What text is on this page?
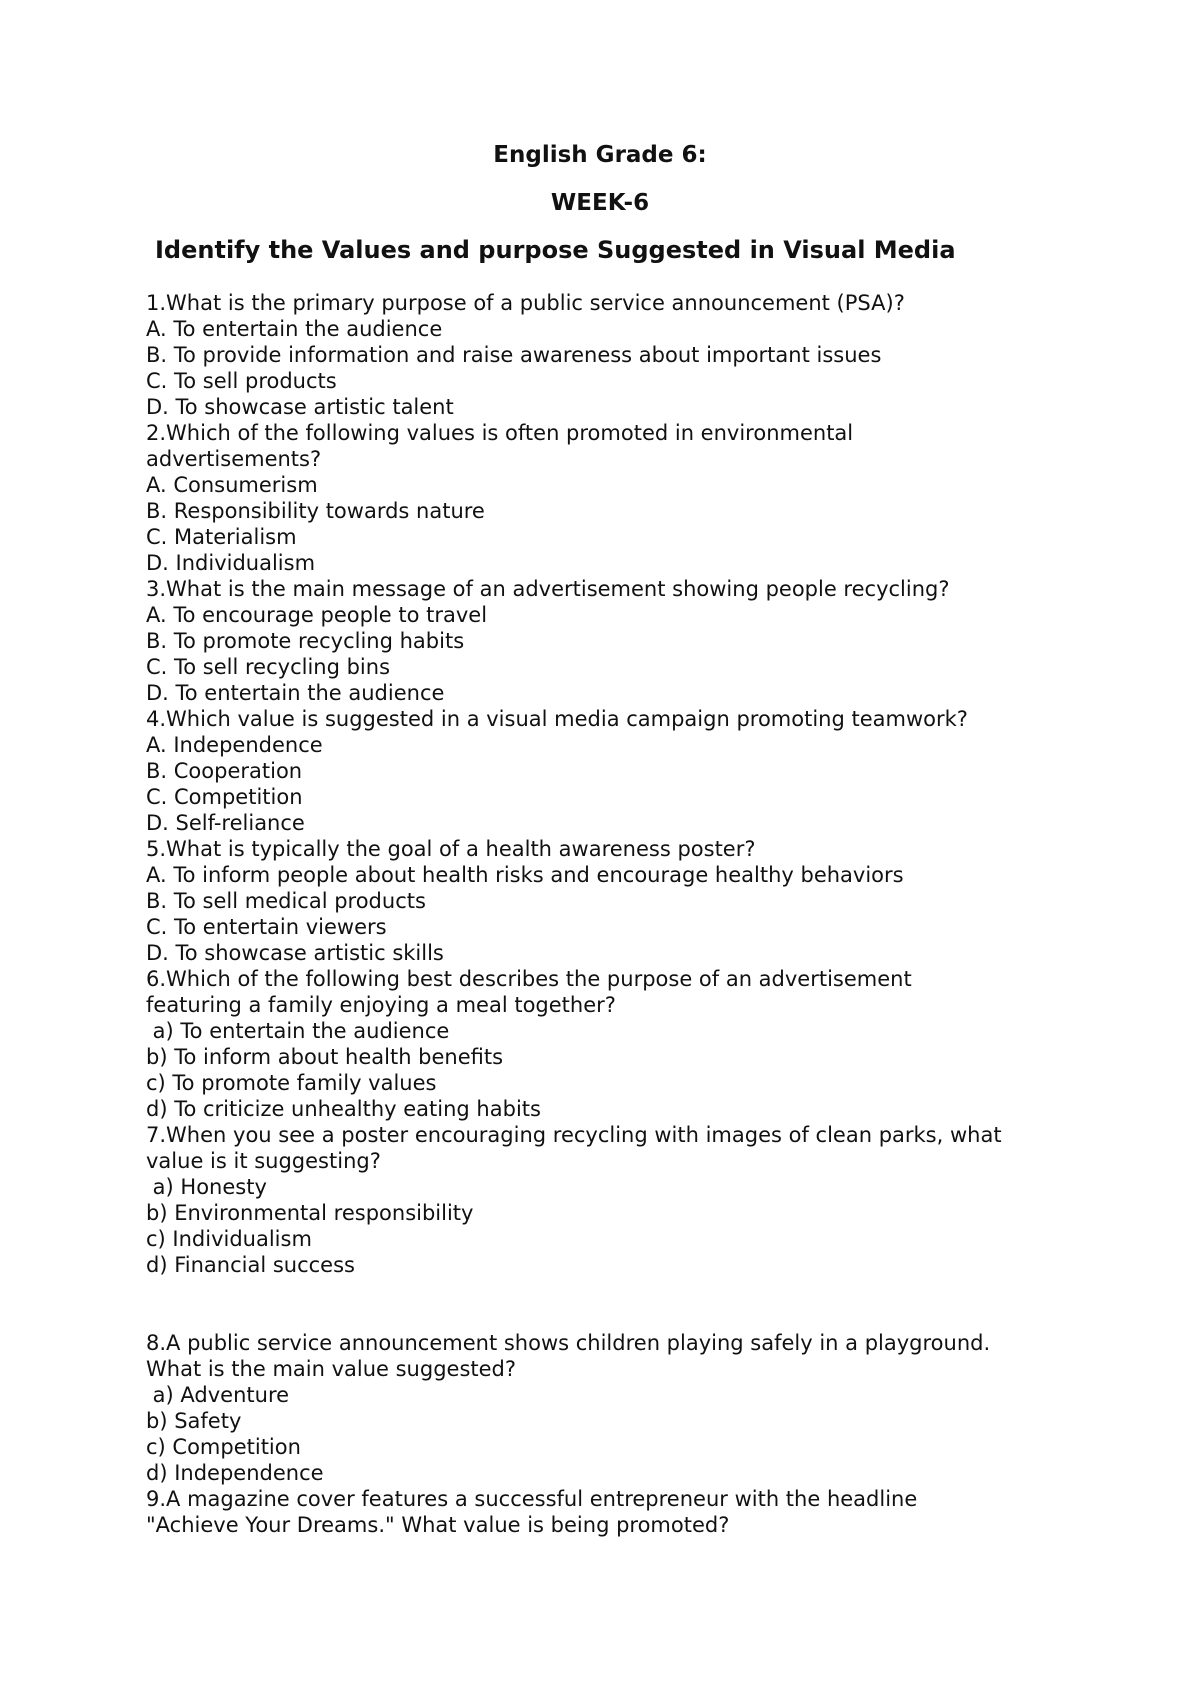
English Grade 6:
WEEK-6
Identify the Values and purpose Suggested in Visual Media
1.What is the primary purpose of a public service announcement (PSA)?
A. To entertain the audience
B. To provide information and raise awareness about important issues
C. To sell products
D. To showcase artistic talent
2.Which of the following values is often promoted in environmental
advertisements?
A. Consumerism
B. Responsibility towards nature
C. Materialism
D. Individualism
3.What is the main message of an advertisement showing people recycling?
A. To encourage people to travel
B. To promote recycling habits
C. To sell recycling bins
D. To entertain the audience
4.Which value is suggested in a visual media campaign promoting teamwork?
A. Independence
B. Cooperation
C. Competition
D. Self-reliance
5.What is typically the goal of a health awareness poster?
A. To inform people about health risks and encourage healthy behaviors
B. To sell medical products
C. To entertain viewers
D. To showcase artistic skills
6.Which of the following best describes the purpose of an advertisement
featuring a family enjoying a meal together?
a) To entertain the audience
b) To inform about health benefits
c) To promote family values
d) To criticize unhealthy eating habits
7.When you see a poster encouraging recycling with images of clean parks, what
value is it suggesting?
a) Honesty
b) Environmental responsibility
c) Individualism
d) Financial success
8.A public service announcement shows children playing safely in a playground.
What is the main value suggested?
a) Adventure
b) Safety
c) Competition
d) Independence
9.A magazine cover features a successful entrepreneur with the headline
"Achieve Your Dreams." What value is being promoted?
